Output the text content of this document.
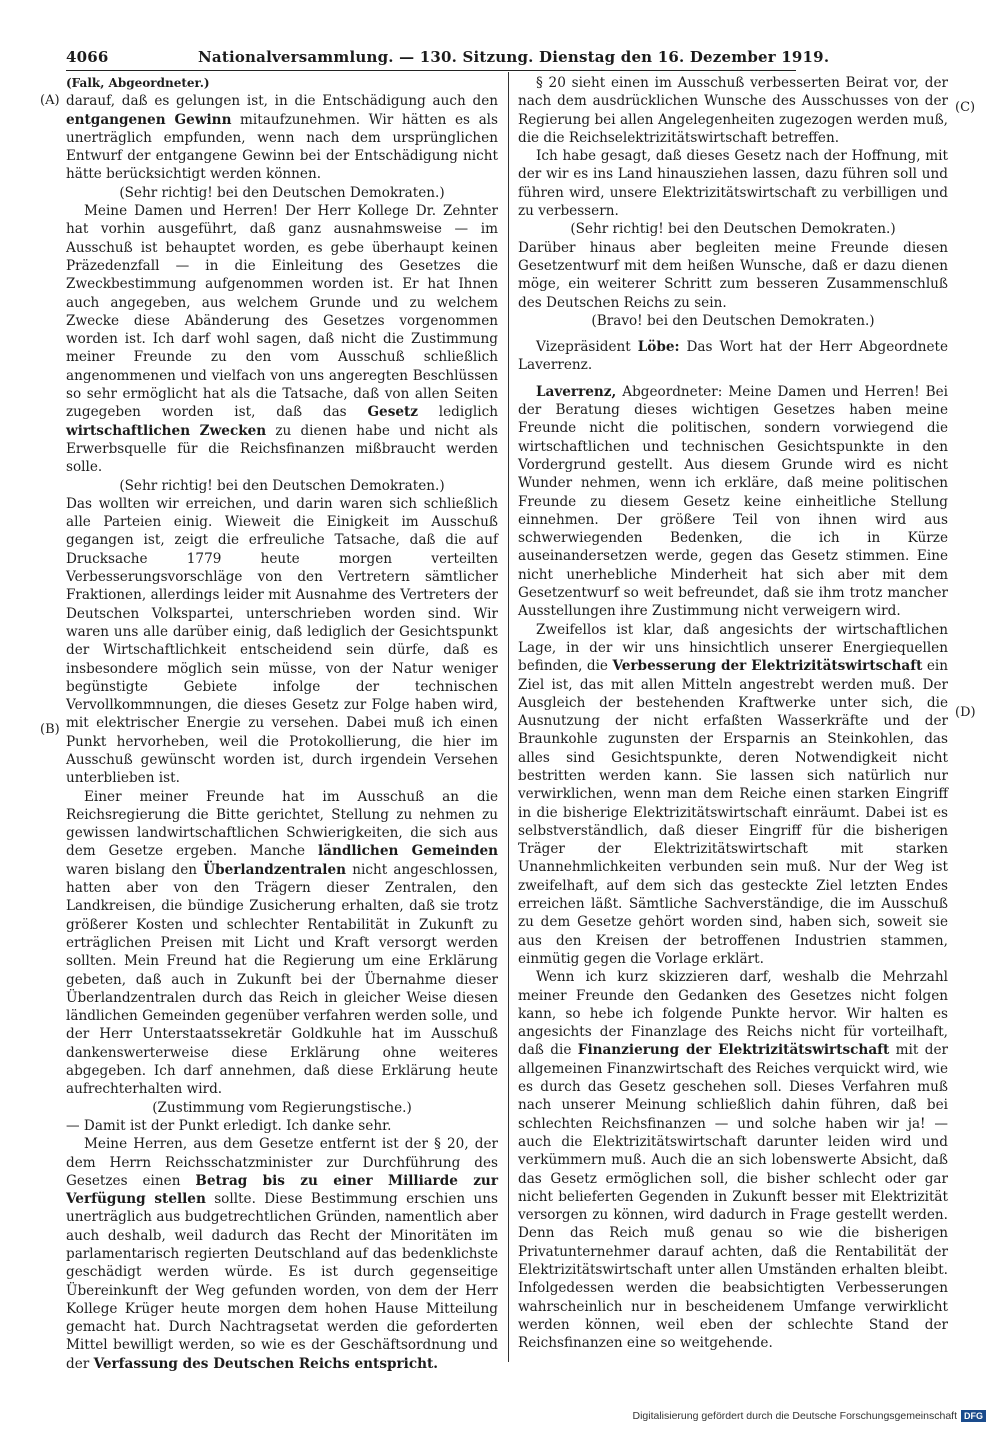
4066	Nationalversammlung. — 130. Sitzung. Dienstag den 16. Dezember 1919.
(A)
(B)
(C)
(D)

(Falk, Abgeordneter.)

darauf, daß es gelungen ist, in die Entschädigung auch den entgangenen Gewinn mitaufzunehmen. Wir hätten es als unerträglich empfunden, wenn nach dem ursprünglichen Entwurf der entgangene Gewinn bei der Entschädigung nicht hätte berücksichtigt werden können.

(Sehr richtig! bei den Deutschen Demokraten.)

Meine Damen und Herren! Der Herr Kollege Dr. Zehnter hat vorhin ausgeführt, daß ganz ausnahmsweise — im Ausschuß ist behauptet worden, es gebe überhaupt keinen Präzedenzfall — in die Einleitung des Gesetzes die Zweckbestimmung aufgenommen worden ist. Er hat Ihnen auch angegeben, aus welchem Grunde und zu welchem Zwecke diese Abänderung des Gesetzes vorgenommen worden ist. Ich darf wohl sagen, daß nicht die Zustimmung meiner Freunde zu den vom Ausschuß schließlich angenommenen und vielfach von uns angeregten Beschlüssen so sehr ermöglicht hat als die Tatsache, daß von allen Seiten zugegeben worden ist, daß das Gesetz lediglich wirtschaftlichen Zwecken zu dienen habe und nicht als Erwerbsquelle für die Reichsfinanzen mißbraucht werden solle.

(Sehr richtig! bei den Deutschen Demokraten.)

Das wollten wir erreichen, und darin waren sich schließlich alle Parteien einig. Wieweit die Einigkeit im Ausschuß gegangen ist, zeigt die erfreuliche Tatsache, daß die auf Drucksache 1779 heute morgen verteilten Verbesserungsvorschläge von den Vertretern sämtlicher Fraktionen, allerdings leider mit Ausnahme des Vertreters der Deutschen Volkspartei, unterschrieben worden sind. Wir waren uns alle darüber einig, daß lediglich der Gesichtspunkt der Wirtschaftlichkeit entscheidend sein dürfe, daß es insbesondere möglich sein müsse, von der Natur weniger begünstigte Gebiete infolge der technischen Vervollkommnungen, die dieses Gesetz zur Folge haben wird, mit elektrischer Energie zu versehen. Dabei muß ich einen Punkt hervorheben, weil die Protokollierung, die hier im Ausschuß gewünscht worden ist, durch irgendein Versehen unterblieben ist.

Einer meiner Freunde hat im Ausschuß an die Reichsregierung die Bitte gerichtet, Stellung zu nehmen zu gewissen landwirtschaftlichen Schwierigkeiten, die sich aus dem Gesetze ergeben. Manche ländlichen Gemeinden waren bislang den Überlandzentralen nicht angeschlossen, hatten aber von den Trägern dieser Zentralen, den Landkreisen, die bündige Zusicherung erhalten, daß sie trotz größerer Kosten und schlechter Rentabilität in Zukunft zu erträglichen Preisen mit Licht und Kraft versorgt werden sollten. Mein Freund hat die Regierung um eine Erklärung gebeten, daß auch in Zukunft bei der Übernahme dieser Überlandzentralen durch das Reich in gleicher Weise diesen ländlichen Gemeinden gegenüber verfahren werden solle, und der Herr Unterstaatssekretär Goldkuhle hat im Ausschuß dankenswerterweise diese Erklärung ohne weiteres abgegeben. Ich darf annehmen, daß diese Erklärung heute aufrechterhalten wird.

(Zustimmung vom Regierungstische.)

— Damit ist der Punkt erledigt. Ich danke sehr.

Meine Herren, aus dem Gesetze entfernt ist der § 20, der dem Herrn Reichsschatzminister zur Durchführung des Gesetzes einen Betrag bis zu einer Milliarde zur Verfügung stellen sollte. Diese Bestimmung erschien uns unerträglich aus budgetrechtlichen Gründen, namentlich aber auch deshalb, weil dadurch das Recht der Minoritäten im parlamentarisch regierten Deutschland auf das bedenklichste geschädigt werden würde. Es ist durch gegenseitige Übereinkunft der Weg gefunden worden, von dem der Herr Kollege Krüger heute morgen dem hohen Hause Mitteilung gemacht hat. Durch Nachtragsetat werden die geforderten Mittel bewilligt werden, so wie es der Geschäftsordnung und der Verfassung des Deutschen Reichs entspricht.

§ 20 sieht einen im Ausschuß verbesserten Beirat vor, der nach dem ausdrücklichen Wunsche des Ausschusses von der Regierung bei allen Angelegenheiten zugezogen werden muß, die die Reichselektrizitätswirtschaft betreffen.

Ich habe gesagt, daß dieses Gesetz nach der Hoffnung, mit der wir es ins Land hinausziehen lassen, dazu führen soll und führen wird, unsere Elektrizitätswirtschaft zu verbilligen und zu verbessern.

(Sehr richtig! bei den Deutschen Demokraten.)

Darüber hinaus aber begleiten meine Freunde diesen Gesetzentwurf mit dem heißen Wunsche, daß er dazu dienen möge, ein weiterer Schritt zum besseren Zusammenschluß des Deutschen Reichs zu sein.

(Bravo! bei den Deutschen Demokraten.)

Vizepräsident Löbe: Das Wort hat der Herr Abgeordnete Laverrenz.

Laverrenz, Abgeordneter: Meine Damen und Herren! Bei der Beratung dieses wichtigen Gesetzes haben meine Freunde nicht die politischen, sondern vorwiegend die wirtschaftlichen und technischen Gesichtspunkte in den Vordergrund gestellt. Aus diesem Grunde wird es nicht Wunder nehmen, wenn ich erkläre, daß meine politischen Freunde zu diesem Gesetz keine einheitliche Stellung einnehmen. Der größere Teil von ihnen wird aus schwerwiegenden Bedenken, die ich in Kürze auseinandersetzen werde, gegen das Gesetz stimmen. Eine nicht unerhebliche Minderheit hat sich aber mit dem Gesetzentwurf so weit befreundet, daß sie ihm trotz mancher Ausstellungen ihre Zustimmung nicht verweigern wird.

Zweifellos ist klar, daß angesichts der wirtschaftlichen Lage, in der wir uns hinsichtlich unserer Energiequellen befinden, die Verbesserung der Elektrizitätswirtschaft ein Ziel ist, das mit allen Mitteln angestrebt werden muß. Der Ausgleich der bestehenden Kraftwerke unter sich, die Ausnutzung der nicht erfaßten Wasserkräfte und der Braunkohle zugunsten der Ersparnis an Steinkohlen, das alles sind Gesichtspunkte, deren Notwendigkeit nicht bestritten werden kann. Sie lassen sich natürlich nur verwirklichen, wenn man dem Reiche einen starken Eingriff in die bisherige Elektrizitätswirtschaft einräumt. Dabei ist es selbstverständlich, daß dieser Eingriff für die bisherigen Träger der Elektrizitätswirtschaft mit starken Unannehmlichkeiten verbunden sein muß. Nur der Weg ist zweifelhaft, auf dem sich das gesteckte Ziel letzten Endes erreichen läßt. Sämtliche Sachverständige, die im Ausschuß zu dem Gesetze gehört worden sind, haben sich, soweit sie aus den Kreisen der betroffenen Industrien stammen, einmütig gegen die Vorlage erklärt.

Wenn ich kurz skizzieren darf, weshalb die Mehrzahl meiner Freunde den Gedanken des Gesetzes nicht folgen kann, so hebe ich folgende Punkte hervor. Wir halten es angesichts der Finanzlage des Reichs nicht für vorteilhaft, daß die Finanzierung der Elektrizitätswirtschaft mit der allgemeinen Finanzwirtschaft des Reiches verquickt wird, wie es durch das Gesetz geschehen soll. Dieses Verfahren muß nach unserer Meinung schließlich dahin führen, daß bei schlechten Reichsfinanzen — und solche haben wir ja! — auch die Elektrizitätswirtschaft darunter leiden wird und verkümmern muß. Auch die an sich lobenswerte Absicht, daß das Gesetz ermöglichen soll, die bisher schlecht oder gar nicht belieferten Gegenden in Zukunft besser mit Elektrizität versorgen zu können, wird dadurch in Frage gestellt werden. Denn das Reich muß genau so wie die bisherigen Privatunternehmer darauf achten, daß die Rentabilität der Elektrizitätswirtschaft unter allen Umständen erhalten bleibt. Infolgedessen werden die beabsichtigten Verbesserungen wahrscheinlich nur in bescheidenem Umfange verwirklicht werden können, weil eben der schlechte Stand der Reichsfinanzen eine so weitgehende.

Digitalisierung gefördert durch die Deutsche Forschungsgemeinschaft DFG
